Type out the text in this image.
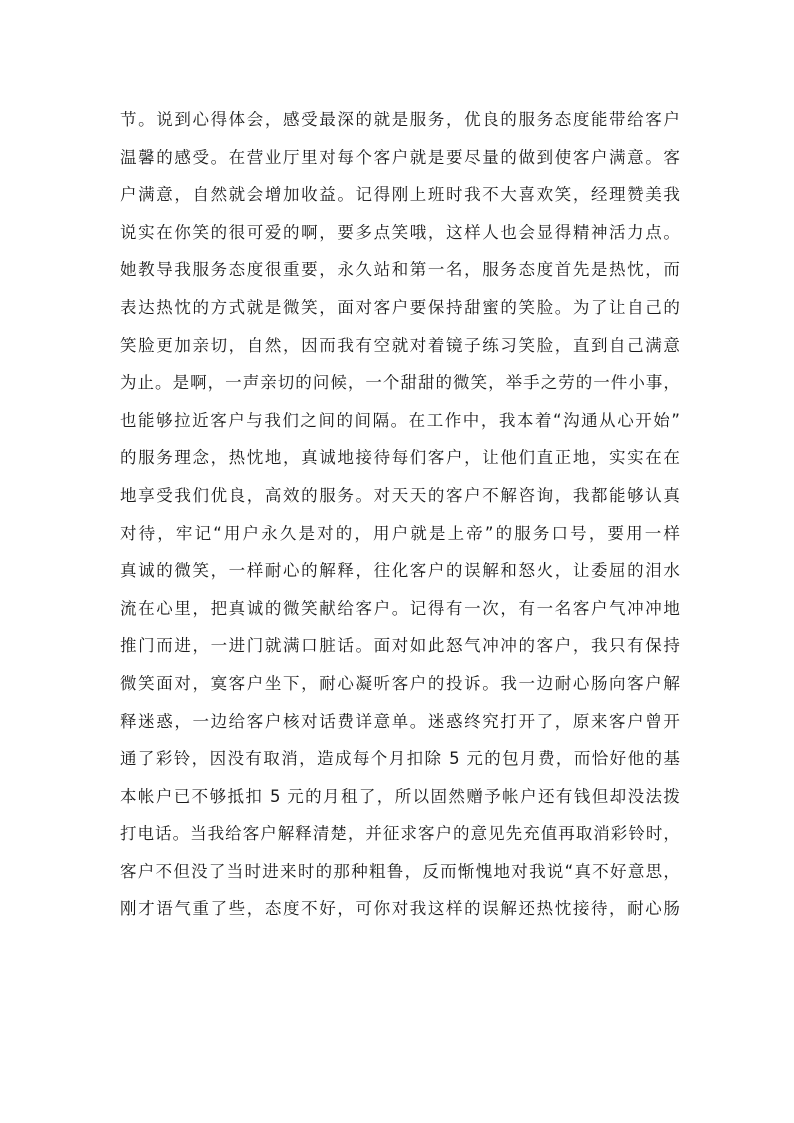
节。说到心得体会，感受最深的就是服务，优良的服务态度能带给客户
温馨的感受。在营业厅里对每个客户就是要尽量的做到使客户满意。客
户满意，自然就会增加收益。记得刚上班时我不大喜欢笑，经理赞美我
说实在你笑的很可爱的啊，要多点笑哦，这样人也会显得精神活力点。
她教导我服务态度很重要，永久站和第一名，服务态度首先是热忱，而
表达热忱的方式就是微笑，面对客户要保持甜蜜的笑脸。为了让自己的
笑脸更加亲切，自然，因而我有空就对着镜子练习笑脸，直到自己满意
为止。是啊，一声亲切的问候，一个甜甜的微笑，举手之劳的一件小事，
也能够拉近客户与我们之间的间隔。在工作中，我本着“沟通从心开始”
的服务理念，热忱地，真诚地接待每们客户，让他们直正地，实实在在
地享受我们优良，高效的服务。对天天的客户不解咨询，我都能够认真
对待，牢记“用户永久是对的，用户就是上帝”的服务口号，要用一样
真诚的微笑，一样耐心的解释，往化客户的误解和怒火，让委屈的泪水
流在心里，把真诚的微笑献给客户。记得有一次，有一名客户气冲冲地
推门而进，一进门就满口脏话。面对如此怒气冲冲的客户，我只有保持
微笑面对，寞客户坐下，耐心凝听客户的投诉。我一边耐心肠向客户解
释迷惑，一边给客户核对话费详意单。迷惑终究打开了，原来客户曾开
通了彩铃，因没有取消，造成每个月扣除 5 元的包月费，而恰好他的基
本帐户已不够抵扣 5 元的月租了，所以固然赠予帐户还有钱但却没法拨
打电话。当我给客户解释清楚，并征求客户的意见先充值再取消彩铃时，
客户不但没了当时进来时的那种粗鲁，反而惭愧地对我说“真不好意思，
刚才语气重了些，态度不好，可你对我这样的误解还热忱接待，耐心肠
